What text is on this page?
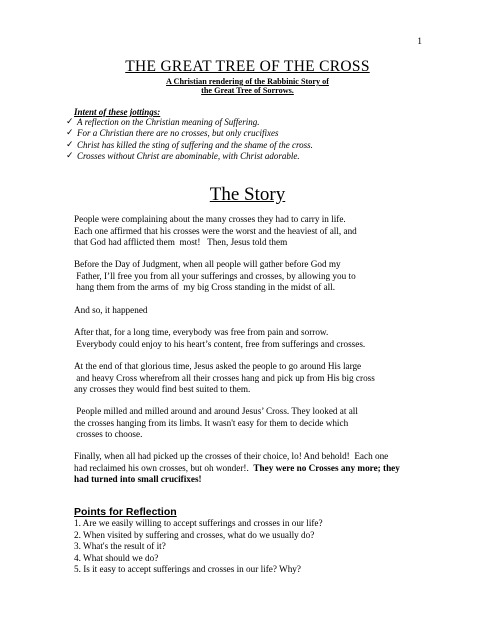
1
THE GREAT TREE OF THE CROSS
A Christian rendering of the Rabbinic Story of
the Great Tree of Sorrows.
Intent of these jottings:
✓ A reflection on the Christian meaning of Suffering.
✓ For a Christian there are no crosses, but only crucifixes
✓ Christ has killed the sting of suffering and the shame of the cross.
✓ Crosses without Christ are abominable, with Christ adorable.
The Story

People were complaining about the many crosses they had to carry in life.
Each one affirmed that his crosses were the worst and the heaviest of all, and
that God had afflicted them  most!   Then, Jesus told them

Before the Day of Judgment, when all people will gather before God my
Father, I’ll free you from all your sufferings and crosses, by allowing you to
hang them from the arms of  my big Cross standing in the midst of all.

And so, it happened

After that, for a long time, everybody was free from pain and sorrow.
Everybody could enjoy to his heart’s content, free from sufferings and crosses.

At the end of that glorious time, Jesus asked the people to go around His large
and heavy Cross wherefrom all their crosses hang and pick up from His big cross
any crosses they would find best suited to them.

People milled and milled around and around Jesus’ Cross. They looked at all
the crosses hanging from its limbs. It wasn't easy for them to decide which
crosses to choose.

Finally, when all had picked up the crosses of their choice, lo! And behold!  Each one
had reclaimed his own crosses, but oh wonder!.  They were no Crosses any more; they
had turned into small crucifixes!

Points for Reflection
1. Are we easily willing to accept sufferings and crosses in our life?
2. When visited by suffering and crosses, what do we usually do?
3. What's the result of it?
4. What should we do?
5. Is it easy to accept sufferings and crosses in our life? Why?
